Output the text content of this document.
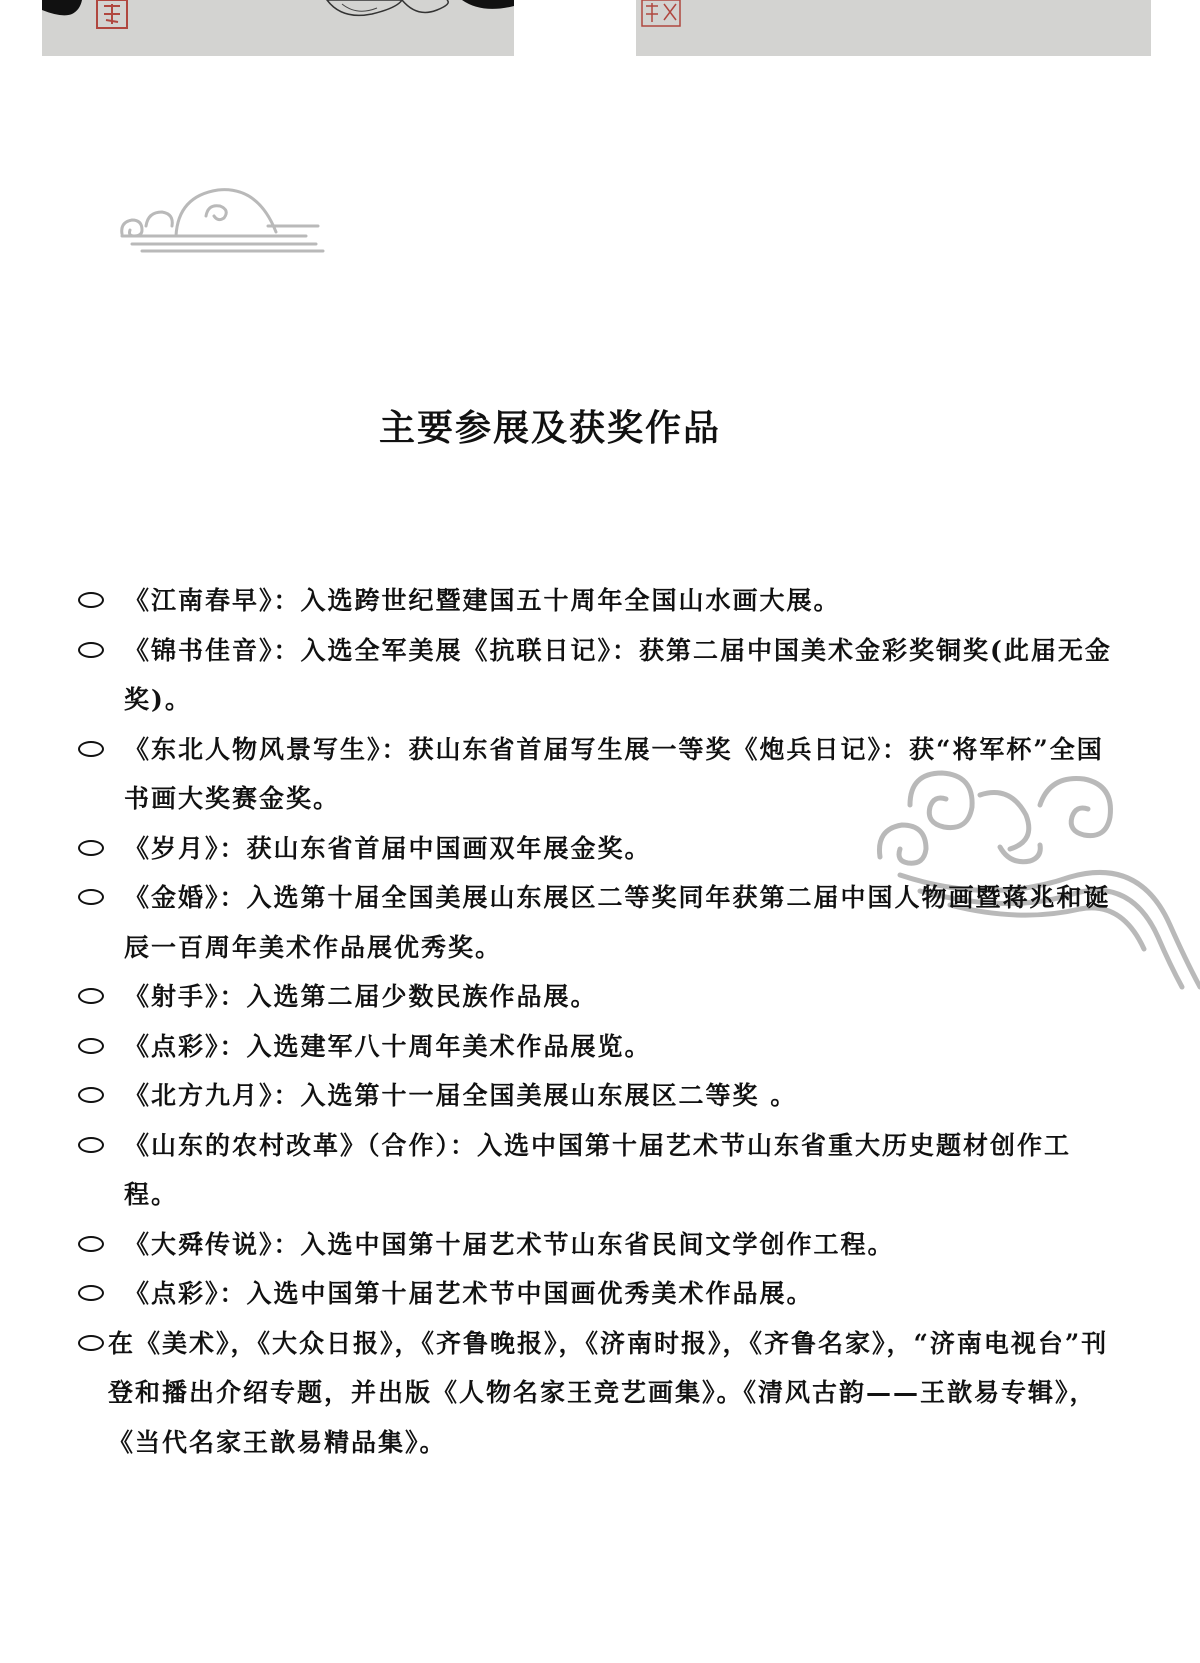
主要参展及获奖作品
《江南春早》：入选跨世纪暨建国五十周年全国山水画大展。
《锦书佳音》：入选全军美展《抗联日记》：获第二届中国美术金彩奖铜奖(此届无金奖)。
《东北人物风景写生》：获山东省首届写生展一等奖《炮兵日记》：获“将军杯”全国书画大奖赛金奖。
《岁月》：获山东省首届中国画双年展金奖。
《金婚》：入选第十届全国美展山东展区二等奖同年获第二届中国人物画暨蒋兆和诞辰一百周年美术作品展优秀奖。
《射手》：入选第二届少数民族作品展。
《点彩》：入选建军八十周年美术作品展览。
《北方九月》：入选第十一届全国美展山东展区二等奖 。
《山东的农村改革》（合作）：入选中国第十届艺术节山东省重大历史题材创作工程。
《大舜传说》：入选中国第十届艺术节山东省民间文学创作工程。
《点彩》：入选中国第十届艺术节中国画优秀美术作品展。
在《美术》，《大众日报》，《齐鲁晚报》，《济南时报》，《齐鲁名家》，“济南电视台”刊登和播出介绍专题，并出版《人物名家王竞艺画集》。《清风古韵——王歆易专辑》，《当代名家王歆易精品集》。
